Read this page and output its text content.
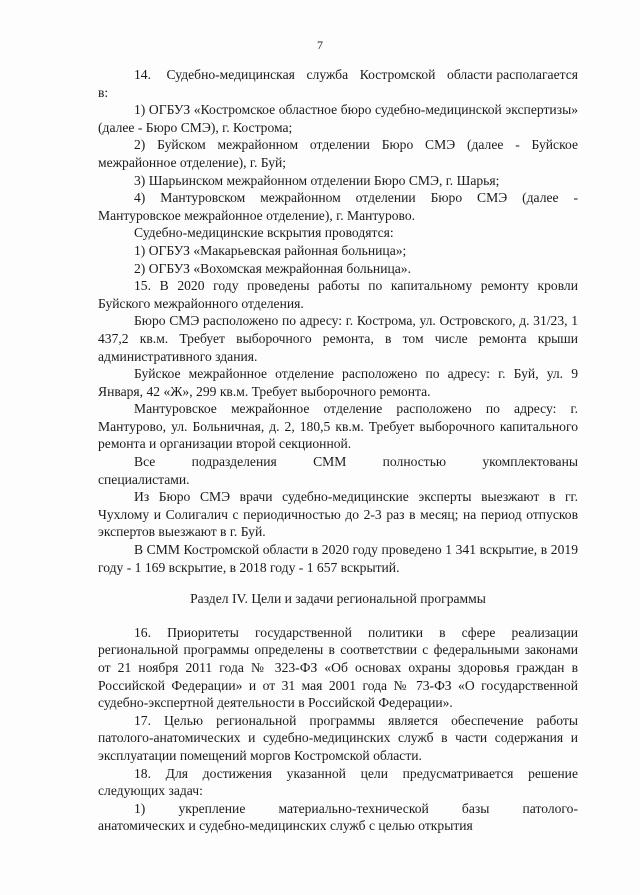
7

14.    Судебно-медицинская   служба   Костромской   области располагается в:

1) ОГБУЗ «Костромское областное бюро судебно-медицинской экспертизы» (далее - Бюро СМЭ), г. Кострома;

2) Буйском межрайонном отделении Бюро СМЭ (далее - Буйское межрайонное отделение), г. Буй;

3) Шарьинском межрайонном отделении Бюро СМЭ, г. Шарья;

4) Мантуровском межрайонном отделении Бюро СМЭ (далее - Мантуровское межрайонное отделение), г. Мантурово.

Судебно-медицинские вскрытия проводятся:

1) ОГБУЗ «Макарьевская районная больница»;

2) ОГБУЗ «Вохомская межрайонная больница».

15. В 2020 году проведены работы по капитальному ремонту кровли Буйского межрайонного отделения.

Бюро СМЭ расположено по адресу: г. Кострома, ул. Островского, д. 31/23, 1 437,2 кв.м. Требует выборочного ремонта, в том числе ремонта крыши административного здания.

Буйское межрайонное отделение расположено по адресу: г. Буй, ул. 9 Января, 42 «Ж», 299 кв.м. Требует выборочного ремонта.

Мантуровское межрайонное отделение расположено по адресу: г. Мантурово, ул. Больничная, д. 2, 180,5 кв.м. Требует выборочного капитального ремонта и организации второй секционной.

Все      подразделения      СММ      полностью      укомплектованы специалистами.

Из Бюро СМЭ врачи судебно-медицинские эксперты выезжают в гг. Чухлому и Солигалич с периодичностью до 2-3 раз в месяц; на период отпусков экспертов выезжают в г. Буй.

В СММ Костромской области в 2020 году проведено 1 341 вскрытие, в 2019 году - 1 169 вскрытие, в 2018 году - 1 657 вскрытий.

Раздел IV. Цели и задачи региональной программы

16. Приоритеты государственной политики в сфере реализации региональной программы определены в соответствии с федеральными законами от 21 ноября 2011 года № 323-ФЗ «Об основах охраны здоровья граждан в Российской Федерации» и от 31 мая 2001 года № 73-ФЗ «О государственной судебно-экспертной деятельности в Российской Федерации».

17. Целью региональной программы является обеспечение работы патолого-анатомических и судебно-медицинских служб в части содержания и эксплуатации помещений моргов Костромской области.

18. Для достижения указанной цели предусматривается решение следующих задач:

1)      укрепление      материально-технической      базы      патолого-анатомических и судебно-медицинских служб с целью открытия
